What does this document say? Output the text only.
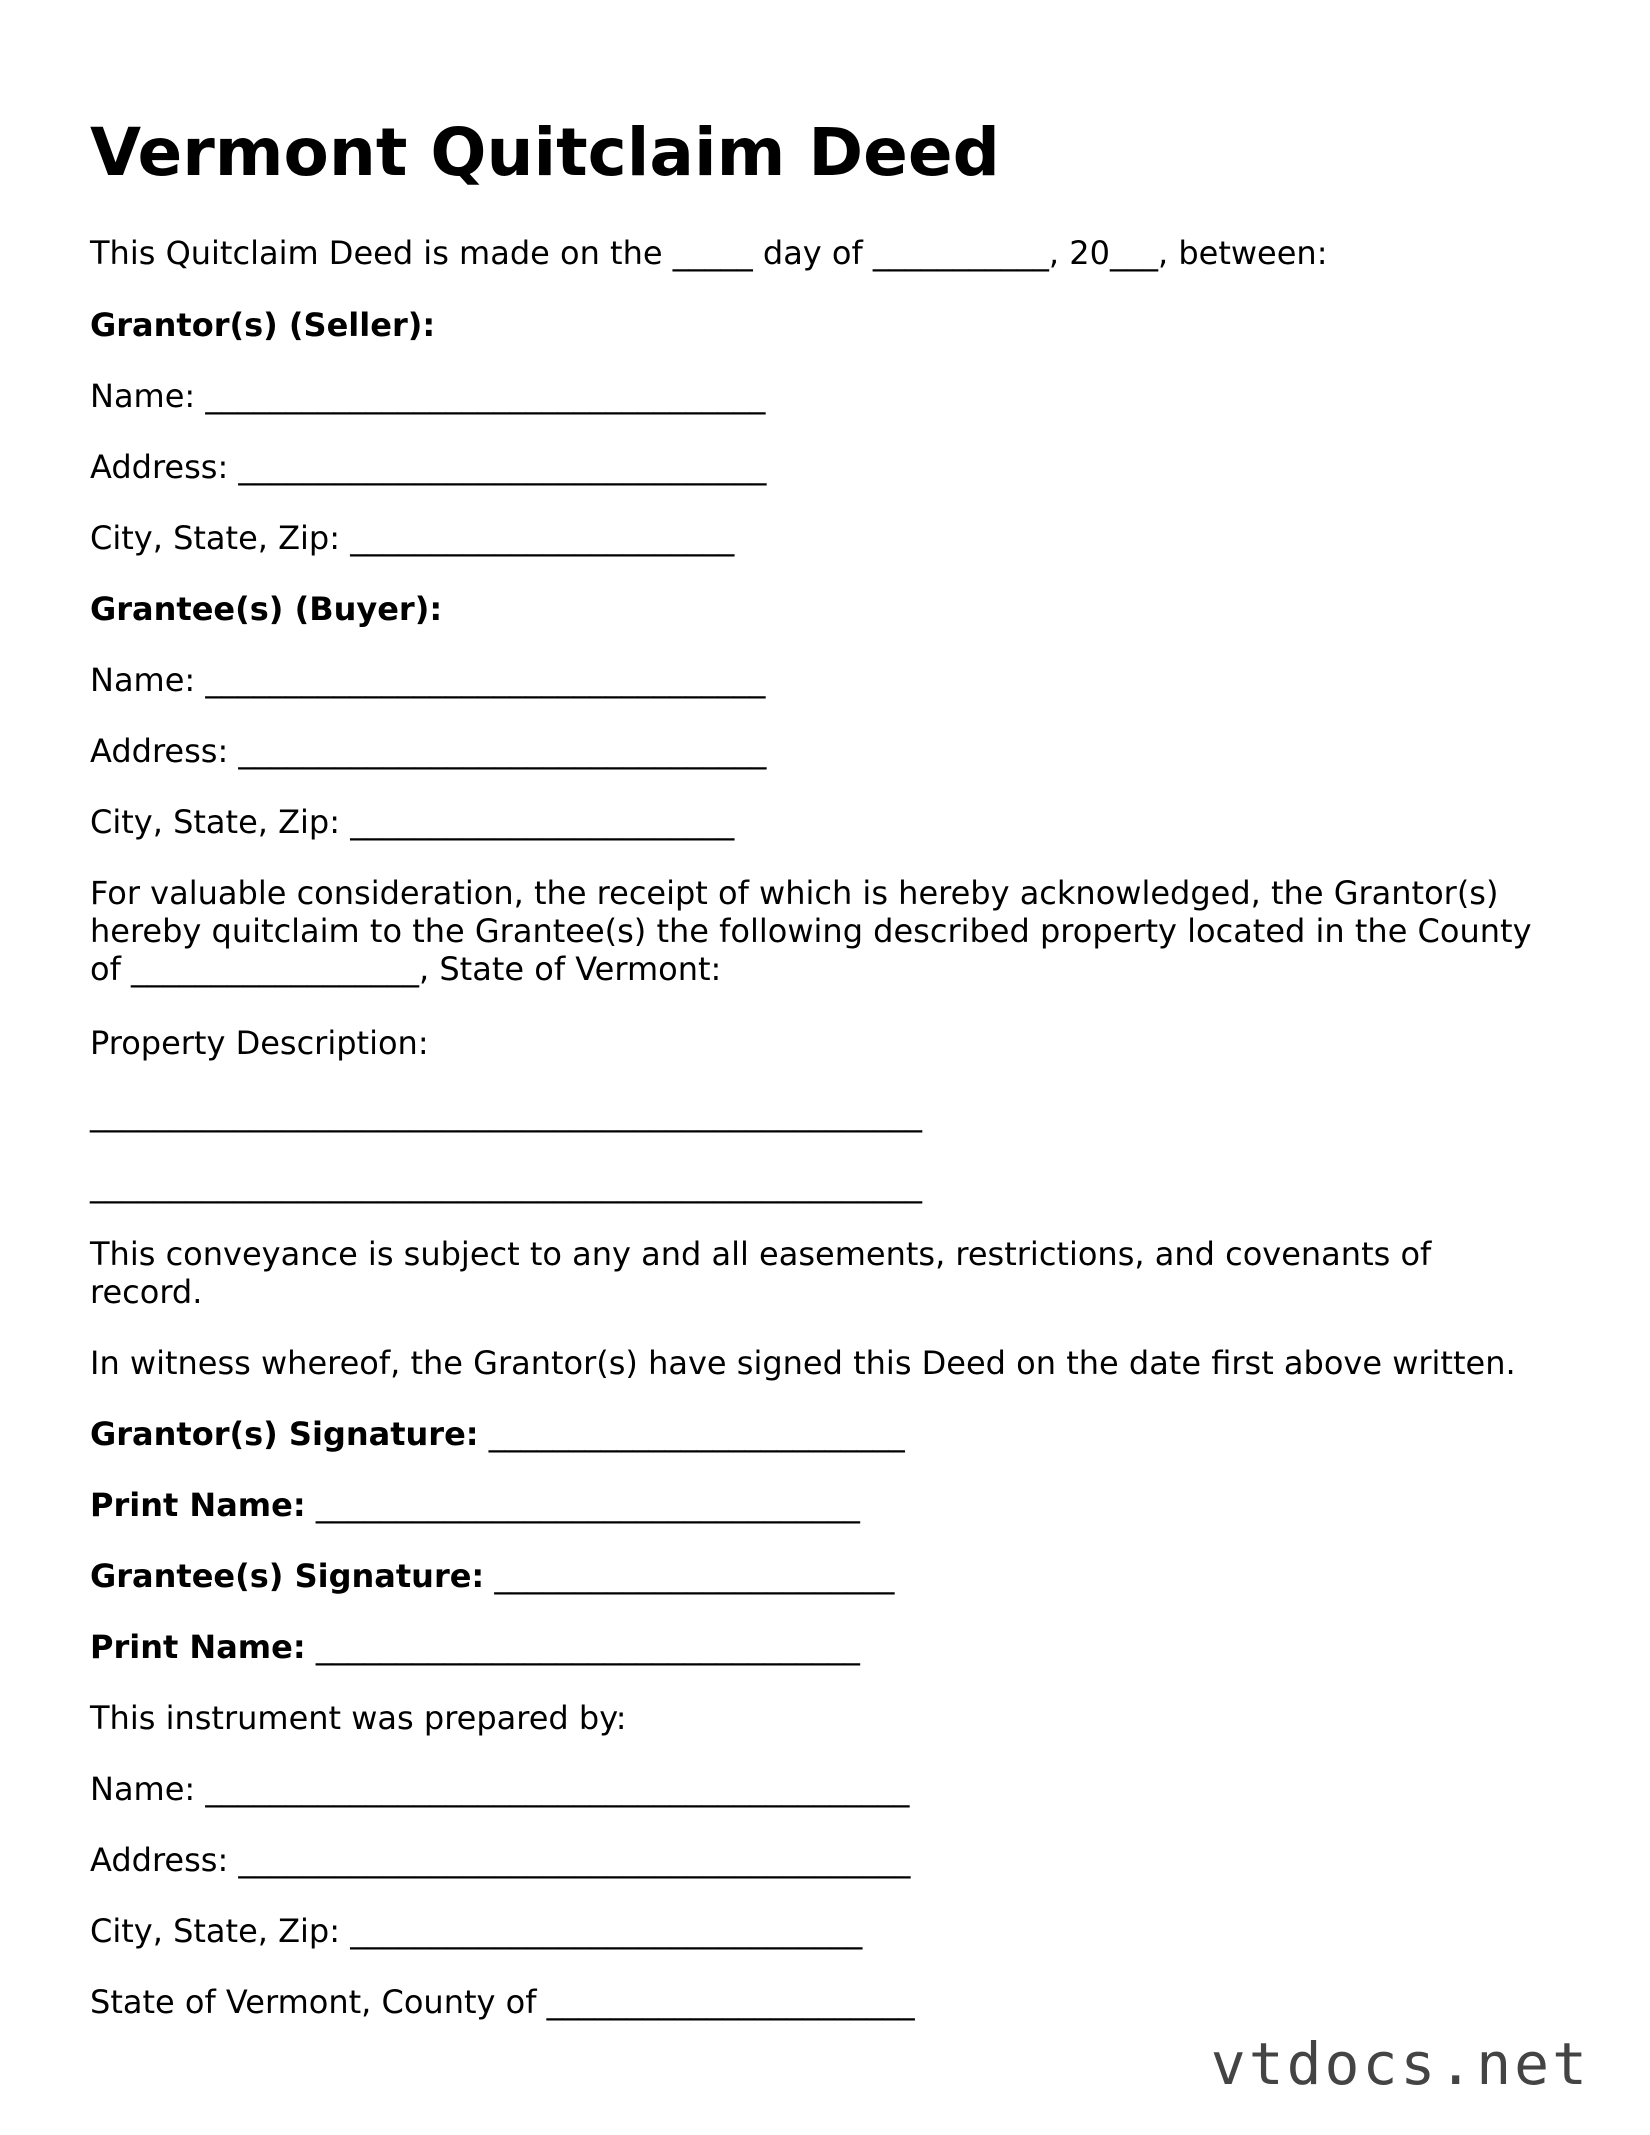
Vermont Quitclaim Deed

This Quitclaim Deed is made on the _____ day of ___________, 20___, between:

Grantor(s) (Seller):

Name: ___________________________________

Address: _________________________________

City, State, Zip: ________________________

Grantee(s) (Buyer):

Name: ___________________________________

Address: _________________________________

City, State, Zip: ________________________

For valuable consideration, the receipt of which is hereby acknowledged, the Grantor(s) hereby quitclaim to the Grantee(s) the following described property located in the County of __________________, State of Vermont:

Property Description:

____________________________________________________

____________________________________________________

This conveyance is subject to any and all easements, restrictions, and covenants of record.

In witness whereof, the Grantor(s) have signed this Deed on the date first above written.

Grantor(s) Signature: __________________________

Print Name: __________________________________

Grantee(s) Signature: _________________________

Print Name: __________________________________

This instrument was prepared by:

Name: ____________________________________________

Address: __________________________________________

City, State, Zip: ________________________________

State of Vermont, County of _______________________

vtdocs.net
